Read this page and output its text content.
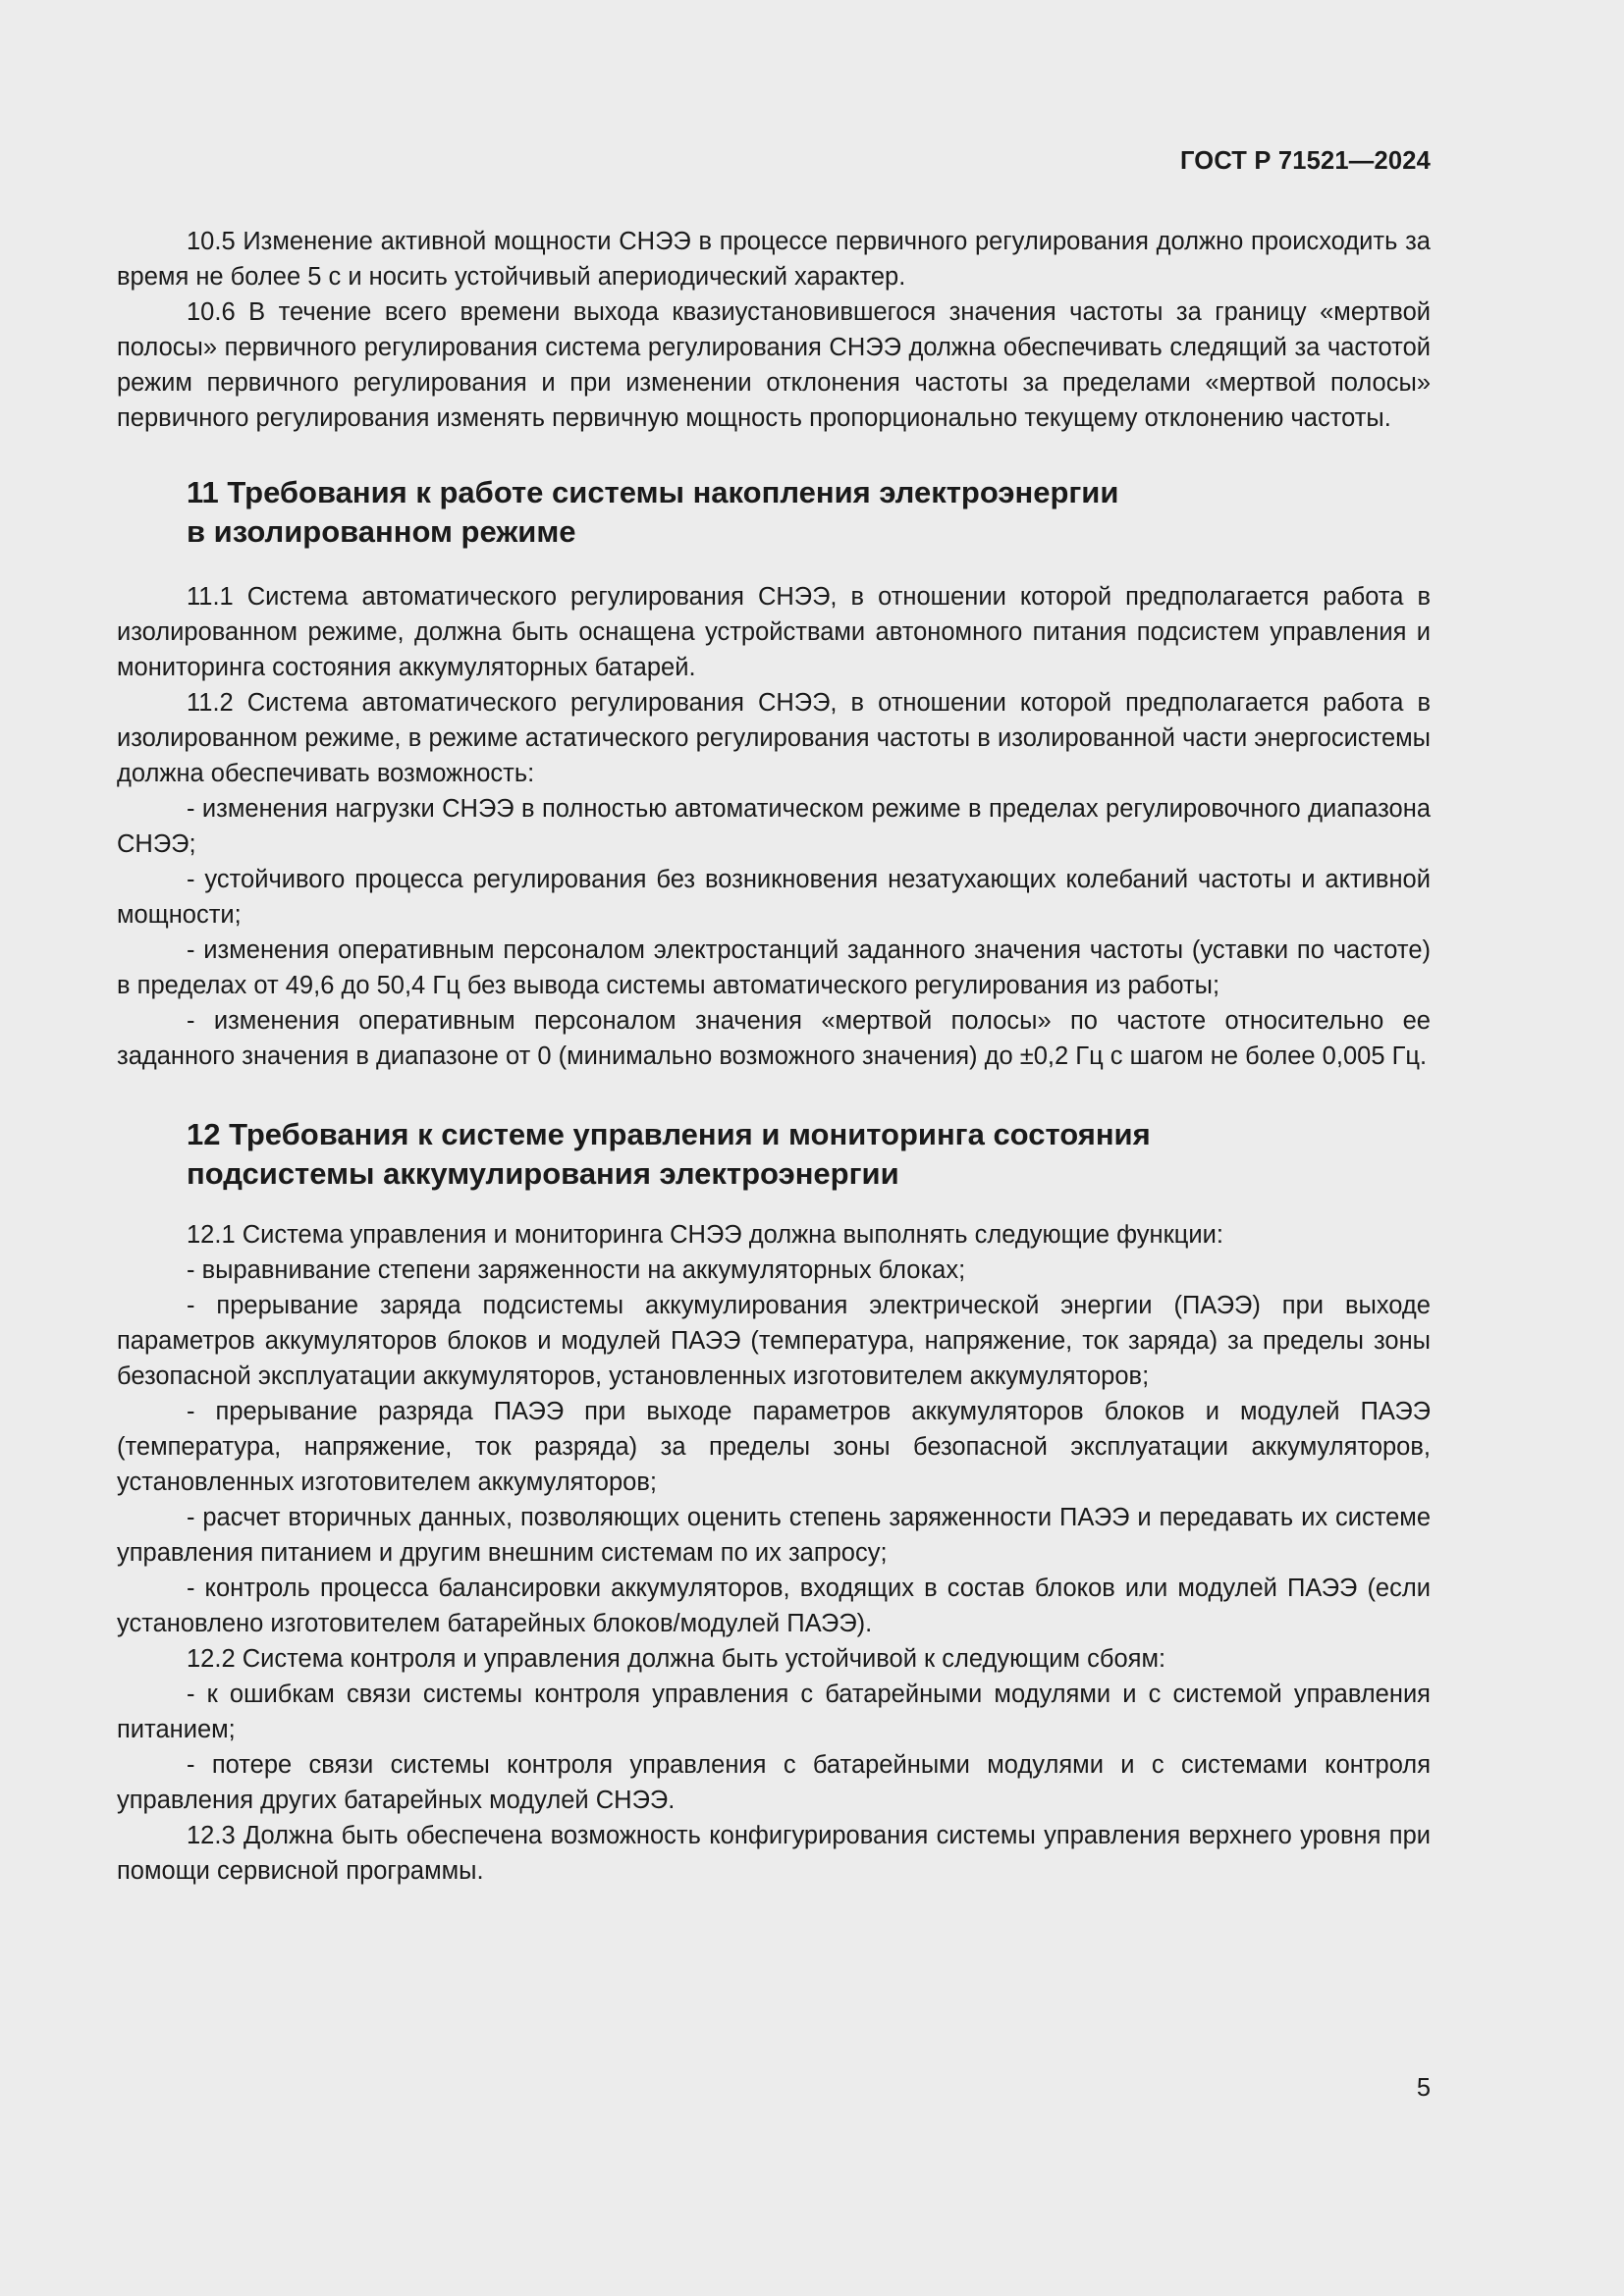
ГОСТ Р 71521—2024

10.5 Изменение активной мощности СНЭЭ в процессе первичного регулирования должно происходить за время не более 5 с и носить устойчивый апериодический характер.

10.6 В течение всего времени выхода квазиустановившегося значения частоты за границу «мертвой полосы» первичного регулирования система регулирования СНЭЭ должна обеспечивать следящий за частотой режим первичного регулирования и при изменении отклонения частоты за пределами «мертвой полосы» первичного регулирования изменять первичную мощность пропорционально текущему отклонению частоты.

11 Требования к работе системы накопления электроэнергии
в изолированном режиме

11.1 Система автоматического регулирования СНЭЭ, в отношении которой предполагается работа в изолированном режиме, должна быть оснащена устройствами автономного питания подсистем управления и мониторинга состояния аккумуляторных батарей.

11.2 Система автоматического регулирования СНЭЭ, в отношении которой предполагается работа в изолированном режиме, в режиме астатического регулирования частоты в изолированной части энергосистемы должна обеспечивать возможность:

- изменения нагрузки СНЭЭ в полностью автоматическом режиме в пределах регулировочного диапазона СНЭЭ;

- устойчивого процесса регулирования без возникновения незатухающих колебаний частоты и активной мощности;

- изменения оперативным персоналом электростанций заданного значения частоты (уставки по частоте) в пределах от 49,6 до 50,4 Гц без вывода системы автоматического регулирования из работы;

- изменения оперативным персоналом значения «мертвой полосы» по частоте относительно ее заданного значения в диапазоне от 0 (минимально возможного значения) до ±0,2 Гц с шагом не более 0,005 Гц.

12 Требования к системе управления и мониторинга состояния
подсистемы аккумулирования электроэнергии

12.1 Система управления и мониторинга СНЭЭ должна выполнять следующие функции:

- выравнивание степени заряженности на аккумуляторных блоках;

- прерывание заряда подсистемы аккумулирования электрической энергии (ПАЭЭ) при выходе параметров аккумуляторов блоков и модулей ПАЭЭ (температура, напряжение, ток заряда) за пределы зоны безопасной эксплуатации аккумуляторов, установленных изготовителем аккумуляторов;

- прерывание разряда ПАЭЭ при выходе параметров аккумуляторов блоков и модулей ПАЭЭ (температура, напряжение, ток разряда) за пределы зоны безопасной эксплуатации аккумуляторов, установленных изготовителем аккумуляторов;

- расчет вторичных данных, позволяющих оценить степень заряженности ПАЭЭ и передавать их системе управления питанием и другим внешним системам по их запросу;

- контроль процесса балансировки аккумуляторов, входящих в состав блоков или модулей ПАЭЭ (если установлено изготовителем батарейных блоков/модулей ПАЭЭ).

12.2 Система контроля и управления должна быть устойчивой к следующим сбоям:

- к ошибкам связи системы контроля управления с батарейными модулями и с системой управления питанием;

- потере связи системы контроля управления с батарейными модулями и с системами контроля управления других батарейных модулей СНЭЭ.

12.3 Должна быть обеспечена возможность конфигурирования системы управления верхнего уровня при помощи сервисной программы.

5
